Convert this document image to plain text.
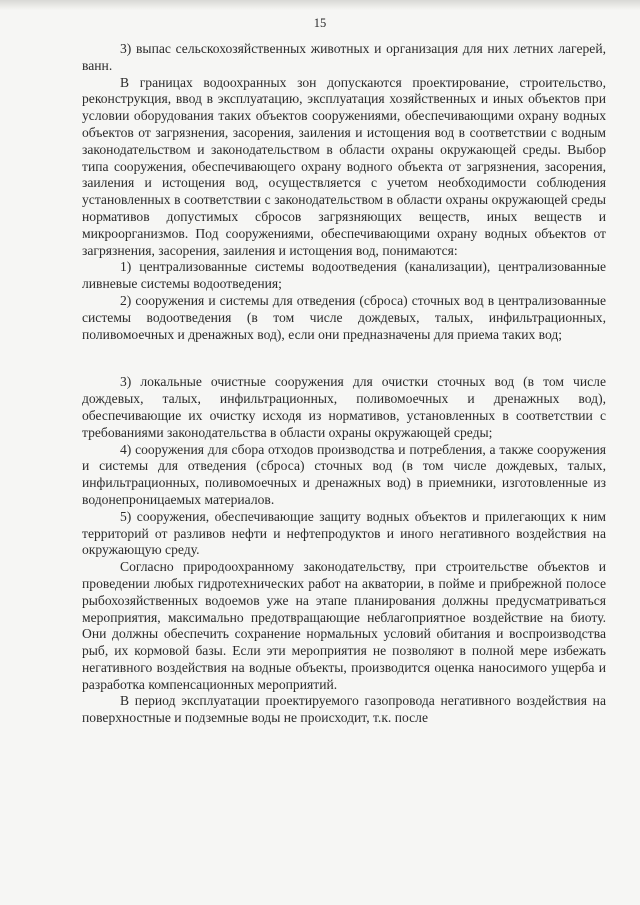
15

3) выпас сельскохозяйственных животных и организация для них летних лагерей, ванн.

В границах водоохранных зон допускаются проектирование, строительство, реконструкция, ввод в эксплуатацию, эксплуатация хозяйственных и иных объектов при условии оборудования таких объектов сооружениями, обеспечивающими охрану водных объектов от загрязнения, засорения, заиления и истощения вод в соответствии с водным законодательством и законодательством в области охраны окружающей среды. Выбор типа сооружения, обеспечивающего охрану водного объекта от загрязнения, засорения, заиления и истощения вод, осуществляется с учетом необходимости соблюдения установленных в соответствии с законодательством в области охраны окружающей среды нормативов допустимых сбросов загрязняющих веществ, иных веществ и микроорганизмов. Под сооружениями, обеспечивающими охрану водных объектов от загрязнения, засорения, заиления и истощения вод, понимаются:

1) централизованные системы водоотведения (канализации), централизованные ливневые системы водоотведения;

2) сооружения и системы для отведения (сброса) сточных вод в централизованные системы водоотведения (в том числе дождевых, талых, инфильтрационных, поливомоечных и дренажных вод), если они предназначены для приема таких вод;

3) локальные очистные сооружения для очистки сточных вод (в том числе дождевых, талых, инфильтрационных, поливомоечных и дренажных вод), обеспечивающие их очистку исходя из нормативов, установленных в соответствии с требованиями законодательства в области охраны окружающей среды;

4) сооружения для сбора отходов производства и потребления, а также сооружения и системы для отведения (сброса) сточных вод (в том числе дождевых, талых, инфильтрационных, поливомоечных и дренажных вод) в приемники, изготовленные из водонепроницаемых материалов.

5) сооружения, обеспечивающие защиту водных объектов и прилегающих к ним территорий от разливов нефти и нефтепродуктов и иного негативного воздействия на окружающую среду.

Согласно природоохранному законодательству, при строительстве объектов и проведении любых гидротехнических работ на акватории, в пойме и прибрежной полосе рыбохозяйственных водоемов уже на этапе планирования должны предусматриваться мероприятия, максимально предотвращающие неблагоприятное воздействие на биоту. Они должны обеспечить сохранение нормальных условий обитания и воспроизводства рыб, их кормовой базы. Если эти мероприятия не позволяют в полной мере избежать негативного воздействия на водные объекты, производится оценка наносимого ущерба и разработка компенсационных мероприятий.

В период эксплуатации проектируемого газопровода негативного воздействия на поверхностные и подземные воды не происходит, т.к. после
